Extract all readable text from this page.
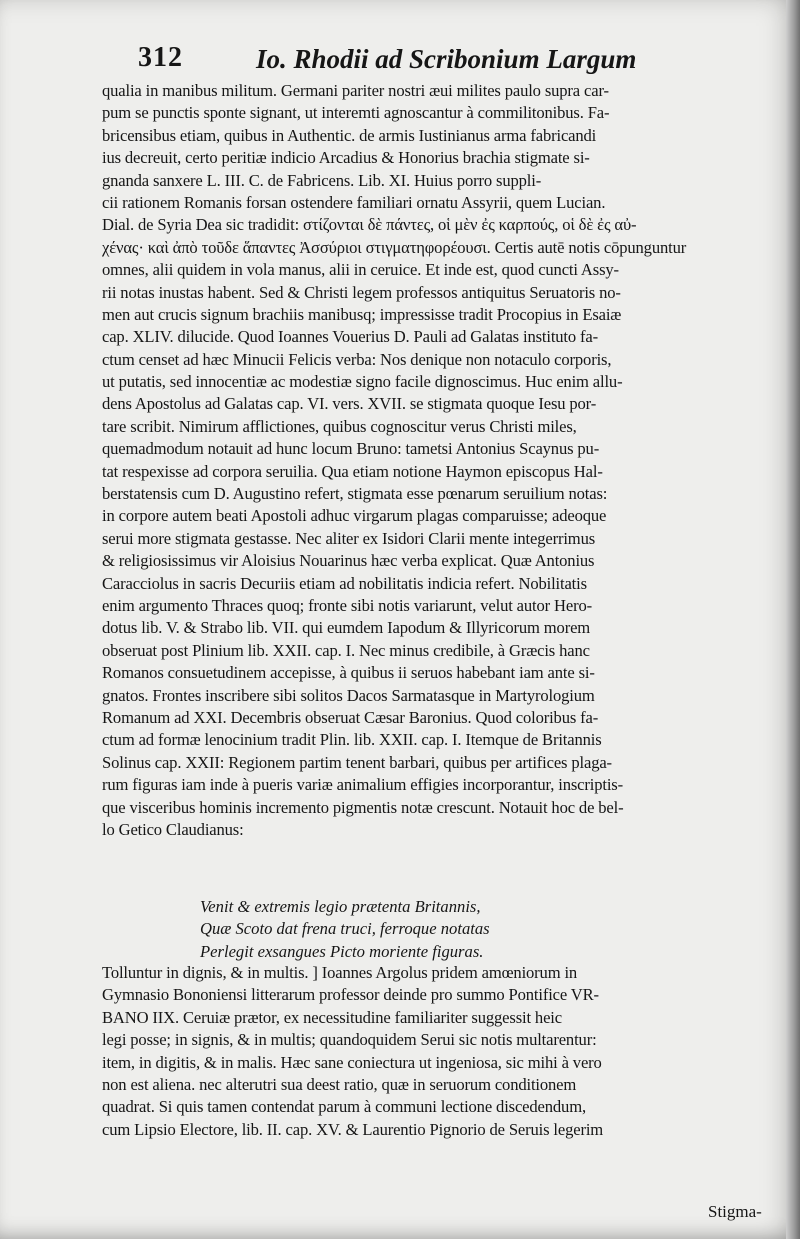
312	Io. Rhodii ad Scribonium Largum
qualia in manibus militum. Germani pariter nostri æui milites paulo supra car-
pum se punctis sponte signant, ut interemti agnoscantur à commilitonibus. Fa-
bricensibus etiam, quibus in Authentic. de armis Iustinianus arma fabricandi
ius decreuit, certo peritiæ indicio Arcadius & Honorius brachia stigmate si-
gnanda sanxere L. III. C. de Fabricens. Lib. XI. Huius porro suppli-
cii rationem Romanis forsan ostendere familiari ornatu Assyrii, quem Lucian.
Dial. de Syria Dea sic tradidit: στίζονται δὲ πάντες, οἱ μὲν ἐς καρπούς, οἱ δὲ ἐς αὐ-
χένας· καὶ ἀπὸ τοῦδε ἅπαντες Ἀσσύριοι στιγματηφορέουσι. Certis autē notis cōpunguntur
omnes, alii quidem in vola manus, alii in ceruice. Et inde est, quod cuncti Assy-
rii notas inustas habent. Sed & Christi legem professos antiquitus Seruatoris no-
men aut crucis signum brachiis manibusq; impressisse tradit Procopius in Esaiæ
cap. XLIV. dilucide. Quod Ioannes Vouerius D. Pauli ad Galatas instituto fa-
ctum censet ad hæc Minucii Felicis verba: Nos denique non notaculo corporis,
ut putatis, sed innocentiæ ac modestiæ signo facile dignoscimus. Huc enim allu-
dens Apostolus ad Galatas cap. VI. vers. XVII. se stigmata quoque Iesu por-
tare scribit. Nimirum afflictiones, quibus cognoscitur verus Christi miles,
quemadmodum notauit ad hunc locum Bruno: tametsi Antonius Scaynus pu-
tat respexisse ad corpora seruilia. Qua etiam notione Haymon episcopus Hal-
berstatensis cum D. Augustino refert, stigmata esse pœnarum seruilium notas:
in corpore autem beati Apostoli adhuc virgarum plagas comparuisse; adeoque
serui more stigmata gestasse. Nec aliter ex Isidori Clarii mente integerrimus
& religiosissimus vir Aloisius Nouarinus hæc verba explicat. Quæ Antonius
Caracciolus in sacris Decuriis etiam ad nobilitatis indicia refert. Nobilitatis
enim argumento Thraces quoq; fronte sibi notis variarunt, velut autor Hero-
dotus lib. V. & Strabo lib. VII. qui eumdem Iapodum & Illyricorum morem
obseruat post Plinium lib. XXII. cap. I. Nec minus credibile, à Græcis hanc
Romanos consuetudinem accepisse, à quibus ii seruos habebant iam ante si-
gnatos. Frontes inscribere sibi solitos Dacos Sarmatasque in Martyrologium
Romanum ad XXI. Decembris obseruat Cæsar Baronius. Quod coloribus fa-
ctum ad formæ lenocinium tradit Plin. lib. XXII. cap. I. Itemque de Britannis
Solinus cap. XXII: Regionem partim tenent barbari, quibus per artifices plaga-
rum figuras iam inde à pueris variæ animalium effigies incorporantur, inscriptis-
que visceribus hominis incremento pigmentis notæ crescunt. Notauit hoc de bel-
lo Getico Claudianus:
Venit & extremis legio prætenta Britannis,
Quæ Scoto dat frena truci, ferroque notatas
Perlegit exsangues Picto moriente figuras.
Tolluntur in dignis, & in multis. ] Ioannes Argolus pridem amœniorum in
Gymnasio Bononiensi litterarum professor deinde pro summo Pontifice VR-
BANO IIX. Ceruiæ prætor, ex necessitudine familiariter suggessit heic
legi posse; in signis, & in multis; quandoquidem Serui sic notis multarentur:
item, in digitis, & in malis. Hæc sane coniectura ut ingeniosa, sic mihi à vero
non est aliena. nec alterutri sua deest ratio, quæ in seruorum conditionem
quadrat. Si quis tamen contendat parum à communi lectione discedendum,
cum Lipsio Electore, lib. II. cap. XV. & Laurentio Pignorio de Seruis legerim
Stigma-
